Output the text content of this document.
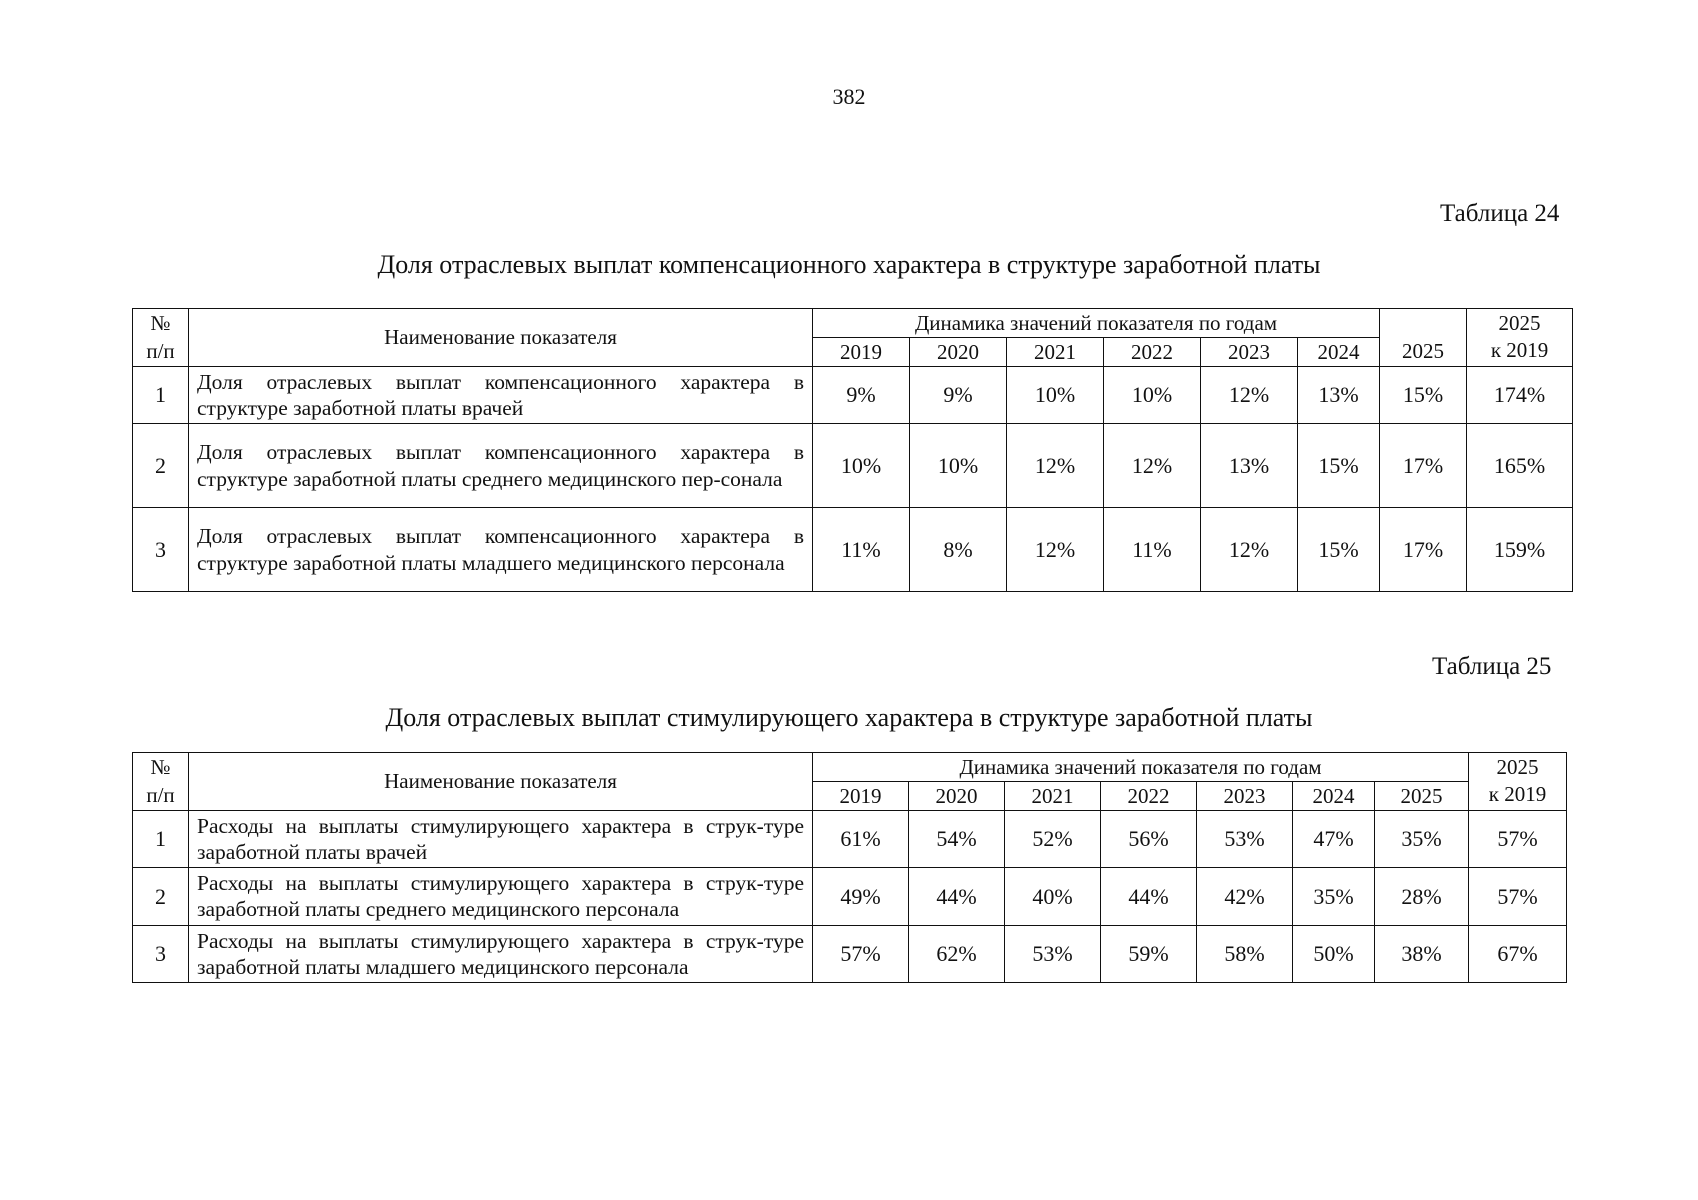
382
Таблица 24
Доля отраслевых выплат компенсационного характера в структуре заработной платы
№
п/п	Наименование показателя	Динамика значений показателя по годам						2025	2025
к 2019
		2019	2020	2021	2022	2023	2024		
1	Доля отраслевых выплат компенсационного характера в структуре заработной платы врачей	9%	9%	10%	10%	12%	13%	15%	174%
2	Доля отраслевых выплат компенсационного характера в структуре заработной платы среднего медицинского пер-сонала	10%	10%	12%	12%	13%	15%	17%	165%
3	Доля отраслевых выплат компенсационного характера в структуре заработной платы младшего медицинского персонала	11%	8%	12%	11%	12%	15%	17%	159%
Таблица 25
Доля отраслевых выплат стимулирующего характера в структуре заработной платы
№
п/п	Наименование показателя	Динамика значений показателя по годам							2025
к 2019
		2019	2020	2021	2022	2023	2024	2025	
1	Расходы на выплаты стимулирующего характера в струк-туре заработной платы врачей	61%	54%	52%	56%	53%	47%	35%	57%
2	Расходы на выплаты стимулирующего характера в струк-туре заработной платы среднего медицинского персонала	49%	44%	40%	44%	42%	35%	28%	57%
3	Расходы на выплаты стимулирующего характера в струк-туре заработной платы младшего медицинского персонала	57%	62%	53%	59%	58%	50%	38%	67%
